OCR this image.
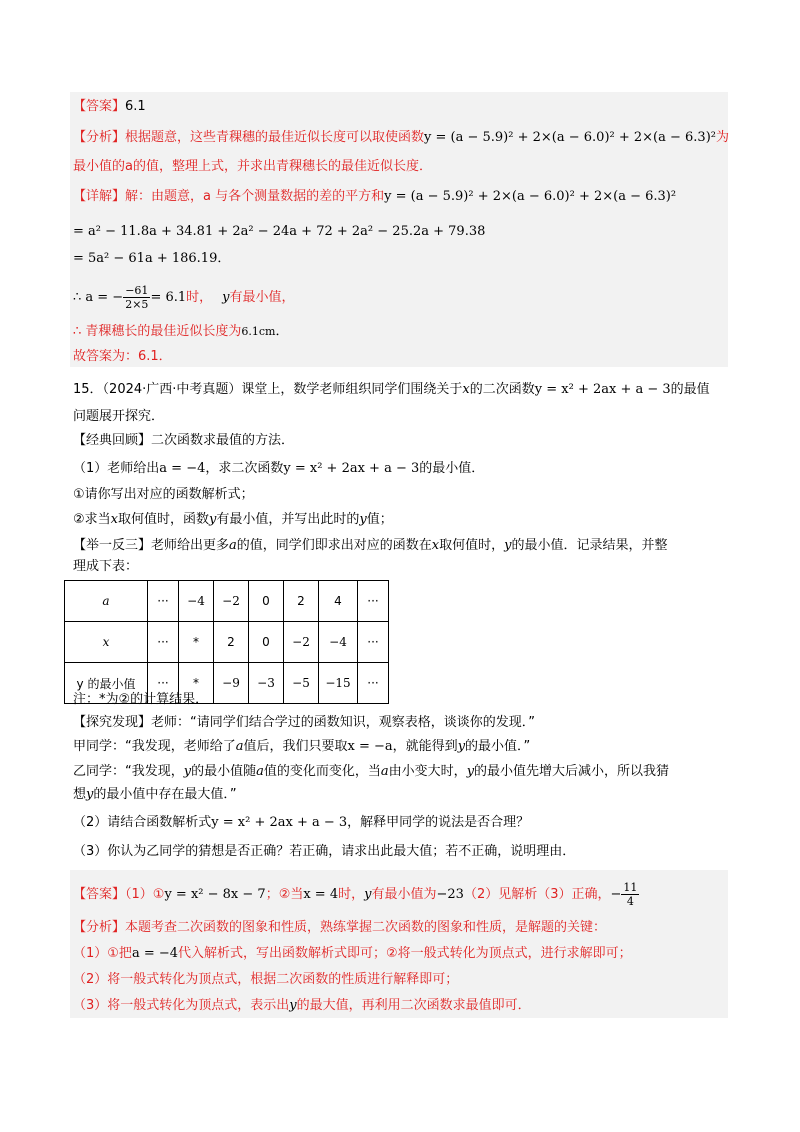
【答案】6.1
【分析】根据题意，这些青稞穗的最佳近似长度可以取使函数y = (a − 5.9)² + 2×(a − 6.0)² + 2×(a − 6.3)²为
最小值的a的值，整理上式，并求出青稞穗长的最佳近似长度．
【详解】解：由题意，a 与各个测量数据的差的平方和y = (a − 5.9)² + 2×(a − 6.0)² + 2×(a − 6.3)²
= a² − 11.8a + 34.81 + 2a² − 24a + 72 + 2a² − 25.2a + 79.38
= 5a² − 61a + 186.19．
∴ a = − $\frac{-61}{2\times 5} = 6.1$时， y有最小值，
∴ 青稞穗长的最佳近似长度为6.1cm．
故答案为：6.1．
15．（2024·广西·中考真题）课堂上，数学老师组织同学们围绕关于x的二次函数y = x² + 2ax + a − 3的最值
问题展开探究．
【经典回顾】二次函数求最值的方法．
（1）老师给出a = −4，求二次函数y = x² + 2ax + a − 3的最小值．
①请你写出对应的函数解析式；
②求当x取何值时，函数y有最小值，并写出此时的y值；
【举一反三】老师给出更多a的值，同学们即求出对应的函数在x取何值时，y的最小值．记录结果，并整
理成下表：
a	···	−4	−2	0	2	4	···
x	···	*	2	0	−2	−4	···
y 的最小值	···	*	−9	−3	−5	−15	···
注：*为②的计算结果．
【探究发现】老师：“请同学们结合学过的函数知识，观察表格，谈谈你的发现．”
甲同学：“我发现，老师给了a值后，我们只要取x = −a，就能得到y的最小值．”
乙同学：“我发现，y的最小值随a值的变化而变化，当a由小变大时，y的最小值先增大后减小，所以我猜
想y的最小值中存在最大值．”
（2）请结合函数解析式y = x² + 2ax + a − 3，解释甲同学的说法是否合理？
（3）你认为乙同学的猜想是否正确？若正确，请求出此最大值；若不正确，说明理由．
【答案】（1）①y = x² − 8x − 7；②当x = 4时，y有最小值为−23（2）见解析（3）正确，− $\frac{11}{4}$
【分析】本题考查二次函数的图象和性质，熟练掌握二次函数的图象和性质，是解题的关键：
（1）①把a = −4代入解析式，写出函数解析式即可；②将一般式转化为顶点式，进行求解即可；
（2）将一般式转化为顶点式，根据二次函数的性质进行解释即可；
（3）将一般式转化为顶点式，表示出y的最大值，再利用二次函数求最值即可．
